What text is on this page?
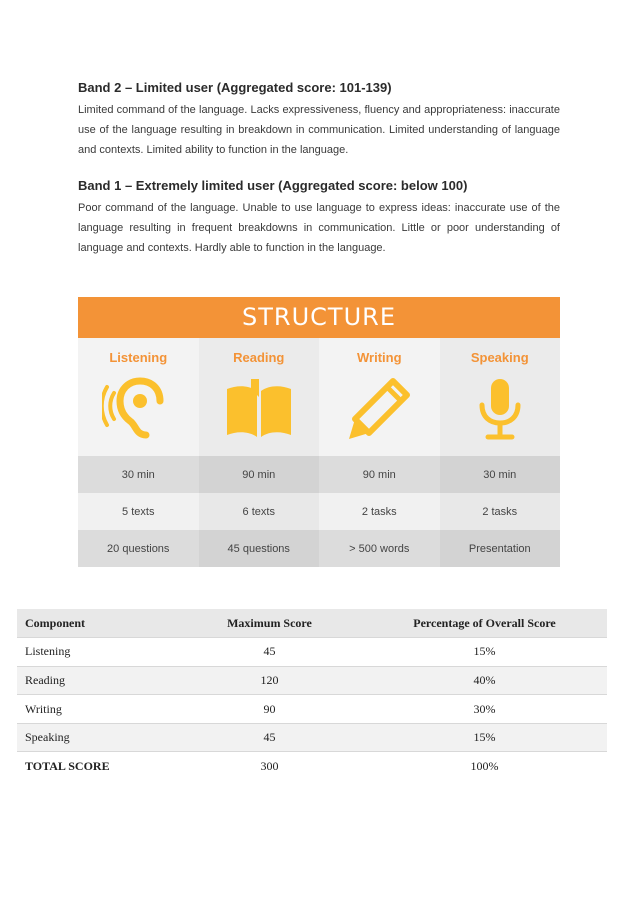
Band 2 – Limited user (Aggregated score: 101-139)

Limited command of the language. Lacks expressiveness, fluency and appropriateness: inaccurate use of the language resulting in breakdown in communication. Limited understanding of language and contexts. Limited ability to function in the language.

Band 1 – Extremely limited user (Aggregated score: below 100)

Poor command of the language. Unable to use language to express ideas: inaccurate use of the language resulting in frequent breakdowns in communication. Little or poor understanding of language and contexts. Hardly able to function in the language.

STRUCTURE
Listening	Reading	Writing	Speaking
30 min	90 min	90 min	30 min
5 texts	6 texts	2 tasks	2 tasks
20 questions	45 questions	> 500 words	Presentation
Component	Maximum Score	Percentage of Overall Score
Listening	45	15%
Reading	120	40%
Writing	90	30%
Speaking	45	15%
TOTAL SCORE	300	100%
